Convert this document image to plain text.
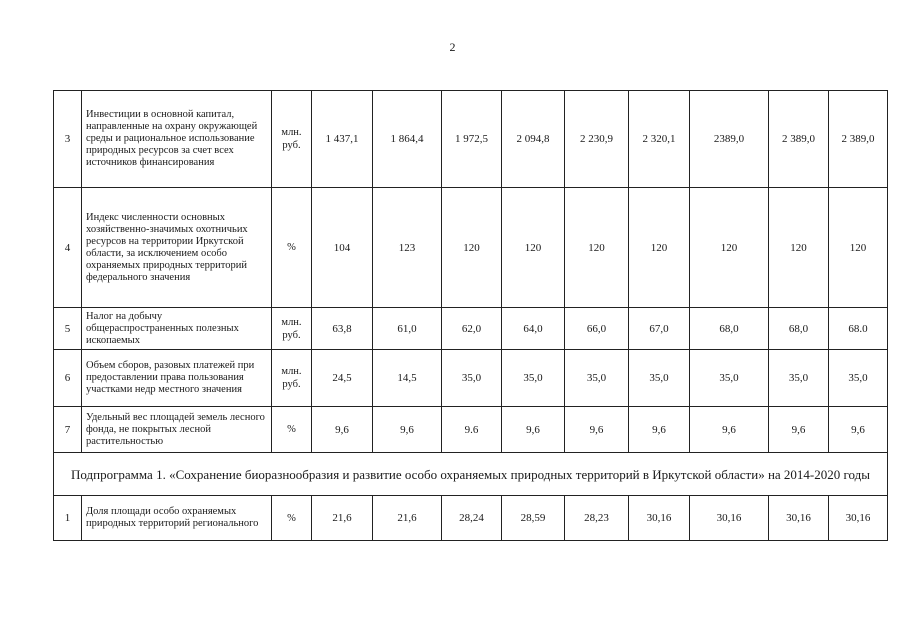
2
3	Инвестиции в основной капитал, направленные на охрану окружающей среды и рациональное использование природных ресурсов за счет всех источников финансирования	млн. руб.	1 437,1	1 864,4	1 972,5	2 094,8	2 230,9	2 320,1	2389,0	2 389,0	2 389,0
4	Индекс численности основных хозяйственно-значимых охотничьих ресурсов на территории Иркутской области, за исключением особо охраняемых природных территорий федерального значения	%	104	123	120	120	120	120	120	120	120
5	Налог на добычу общераспространенных полезных ископаемых	млн. руб.	63,8	61,0	62,0	64,0	66,0	67,0	68,0	68,0	68.0
6	Объем сборов, разовых платежей при предоставлении права пользования участками недр местного значения	млн. руб.	24,5	14,5	35,0	35,0	35,0	35,0	35,0	35,0	35,0
7	Удельный вес площадей земель лесного фонда, не покрытых лесной растительностью	%	9,6	9,6	9.6	9,6	9,6	9,6	9,6	9,6	9,6
Подпрограмма 1. «Сохранение биоразнообразия и развитие особо охраняемых природных территорий в Иркутской области» на 2014-2020 годы											
1	Доля площади особо охраняемых природных территорий регионального	%	21,6	21,6	28,24	28,59	28,23	30,16	30,16	30,16	30,16
